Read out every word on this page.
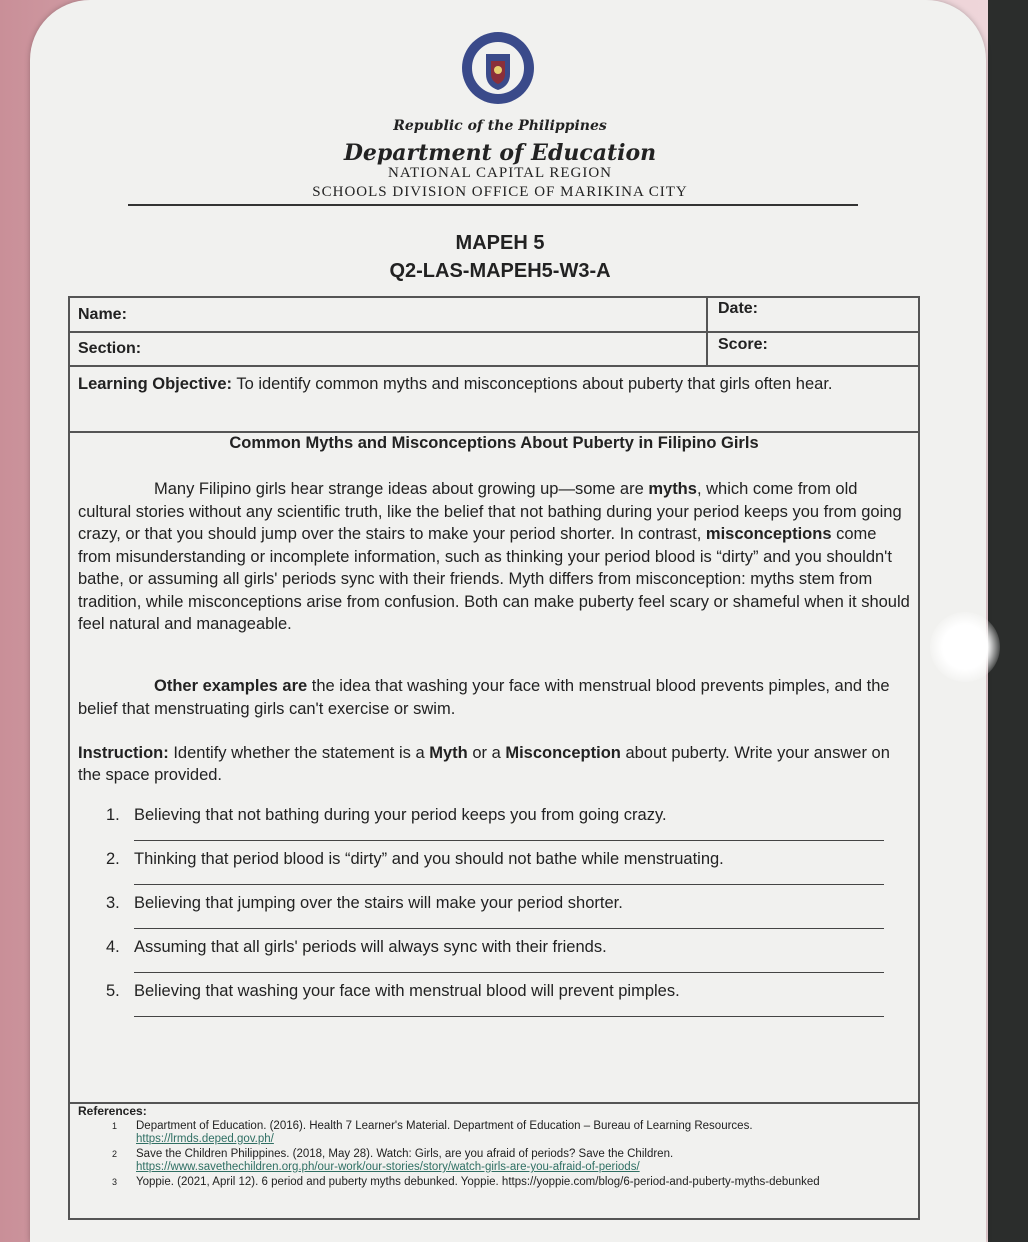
Republic of the Philippines
Department of Education
NATIONAL CAPITAL REGION
SCHOOLS DIVISION OFFICE OF MARIKINA CITY
MAPEH 5
Q2-LAS-MAPEH5-W3-A
Name:	Date:
Section:	Score:
Learning Objective: To identify common myths and misconceptions about puberty that girls often hear.
Common Myths and Misconceptions About Puberty in Filipino Girls
Many Filipino girls hear strange ideas about growing up—some are myths, which come from old cultural stories without any scientific truth, like the belief that not bathing during your period keeps you from going crazy, or that you should jump over the stairs to make your period shorter. In contrast, misconceptions come from misunderstanding or incomplete information, such as thinking your period blood is “dirty” and you shouldn't bathe, or assuming all girls' periods sync with their friends. Myth differs from misconception: myths stem from tradition, while misconceptions arise from confusion. Both can make puberty feel scary or shameful when it should feel natural and manageable.
Other examples are the idea that washing your face with menstrual blood prevents pimples, and the belief that menstruating girls can't exercise or swim.
Instruction: Identify whether the statement is a Myth or a Misconception about puberty. Write your answer on the space provided.
1. Believing that not bathing during your period keeps you from going crazy.
2. Thinking that period blood is “dirty” and you should not bathe while menstruating.
3. Believing that jumping over the stairs will make your period shorter.
4. Assuming that all girls' periods will always sync with their friends.
5. Believing that washing your face with menstrual blood will prevent pimples.
References:
1 Department of Education. (2016). Health 7 Learner's Material. Department of Education – Bureau of Learning Resources.
https://lrmds.deped.gov.ph/
2 Save the Children Philippines. (2018, May 28). Watch: Girls, are you afraid of periods? Save the Children.
https://www.savethechildren.org.ph/our-work/our-stories/story/watch-girls-are-you-afraid-of-periods/
3 Yoppie. (2021, April 12). 6 period and puberty myths debunked. Yoppie. https://yoppie.com/blog/6-period-and-puberty-myths-debunked
